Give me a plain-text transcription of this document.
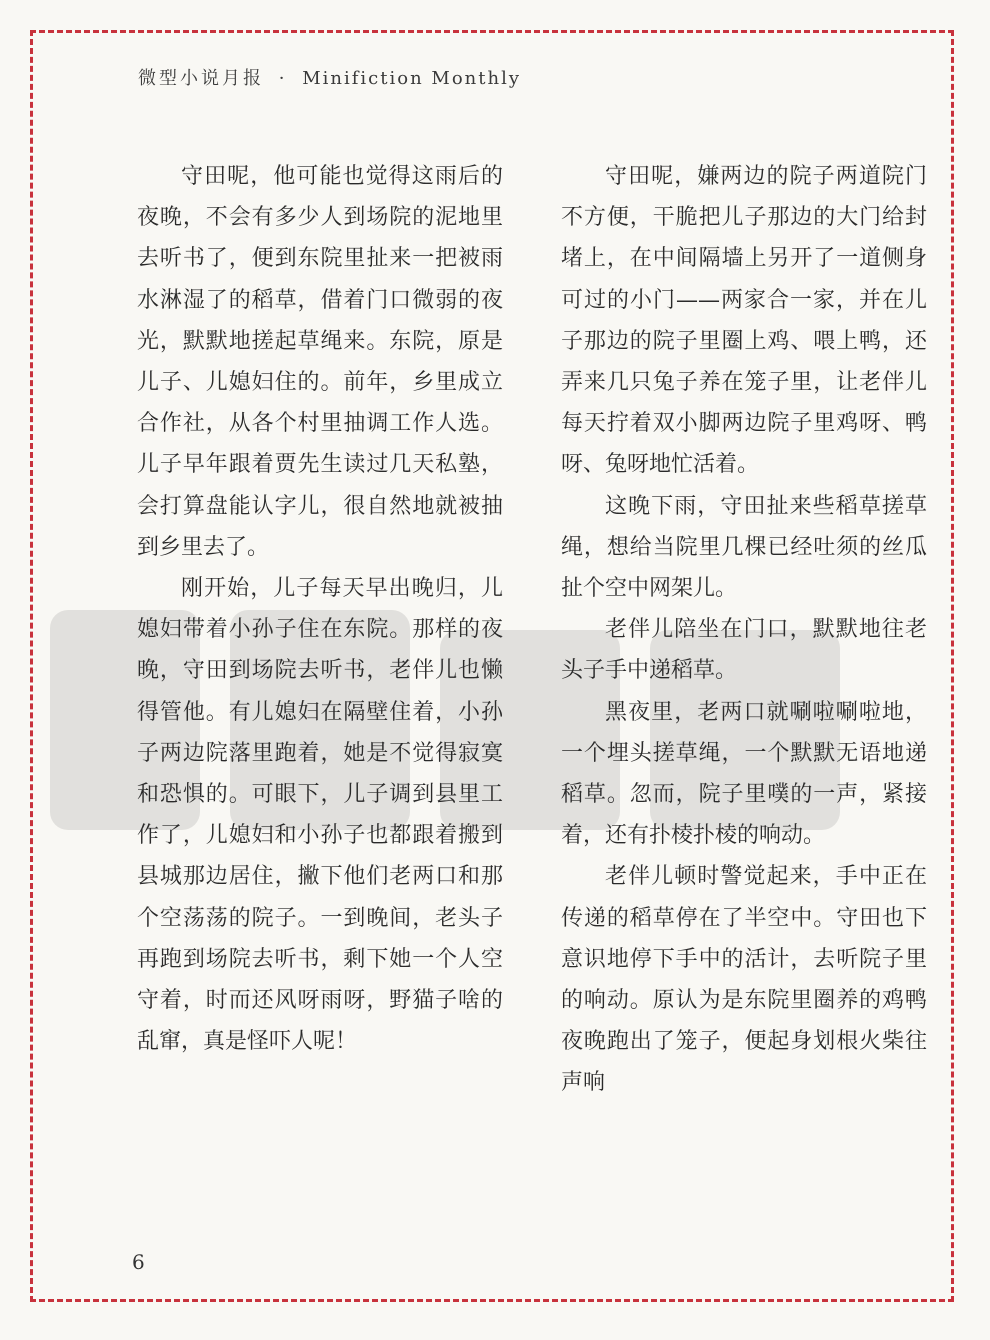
微型小说月报 · Minifiction Monthly

守田呢，他可能也觉得这雨后的夜晚，不会有多少人到场院的泥地里去听书了，便到东院里扯来一把被雨水淋湿了的稻草，借着门口微弱的夜光，默默地搓起草绳来。东院，原是儿子、儿媳妇住的。前年，乡里成立合作社，从各个村里抽调工作人选。儿子早年跟着贾先生读过几天私塾，会打算盘能认字儿，很自然地就被抽到乡里去了。

刚开始，儿子每天早出晚归，儿媳妇带着小孙子住在东院。那样的夜晚，守田到场院去听书，老伴儿也懒得管他。有儿媳妇在隔壁住着，小孙子两边院落里跑着，她是不觉得寂寞和恐惧的。可眼下，儿子调到县里工作了，儿媳妇和小孙子也都跟着搬到县城那边居住，撇下他们老两口和那个空荡荡的院子。一到晚间，老头子再跑到场院去听书，剩下她一个人空守着，时而还风呀雨呀，野猫子啥的乱窜，真是怪吓人呢！

守田呢，嫌两边的院子两道院门不方便，干脆把儿子那边的大门给封堵上，在中间隔墙上另开了一道侧身可过的小门——两家合一家，并在儿子那边的院子里圈上鸡、喂上鸭，还弄来几只兔子养在笼子里，让老伴儿每天拧着双小脚两边院子里鸡呀、鸭呀、兔呀地忙活着。

这晚下雨，守田扯来些稻草搓草绳，想给当院里几棵已经吐须的丝瓜扯个空中网架儿。

老伴儿陪坐在门口，默默地往老头子手中递稻草。

黑夜里，老两口就唰啦唰啦地，一个埋头搓草绳，一个默默无语地递稻草。忽而，院子里噗的一声，紧接着，还有扑棱扑棱的响动。

老伴儿顿时警觉起来，手中正在传递的稻草停在了半空中。守田也下意识地停下手中的活计，去听院子里的响动。原认为是东院里圈养的鸡鸭夜晚跑出了笼子，便起身划根火柴往声响

6
